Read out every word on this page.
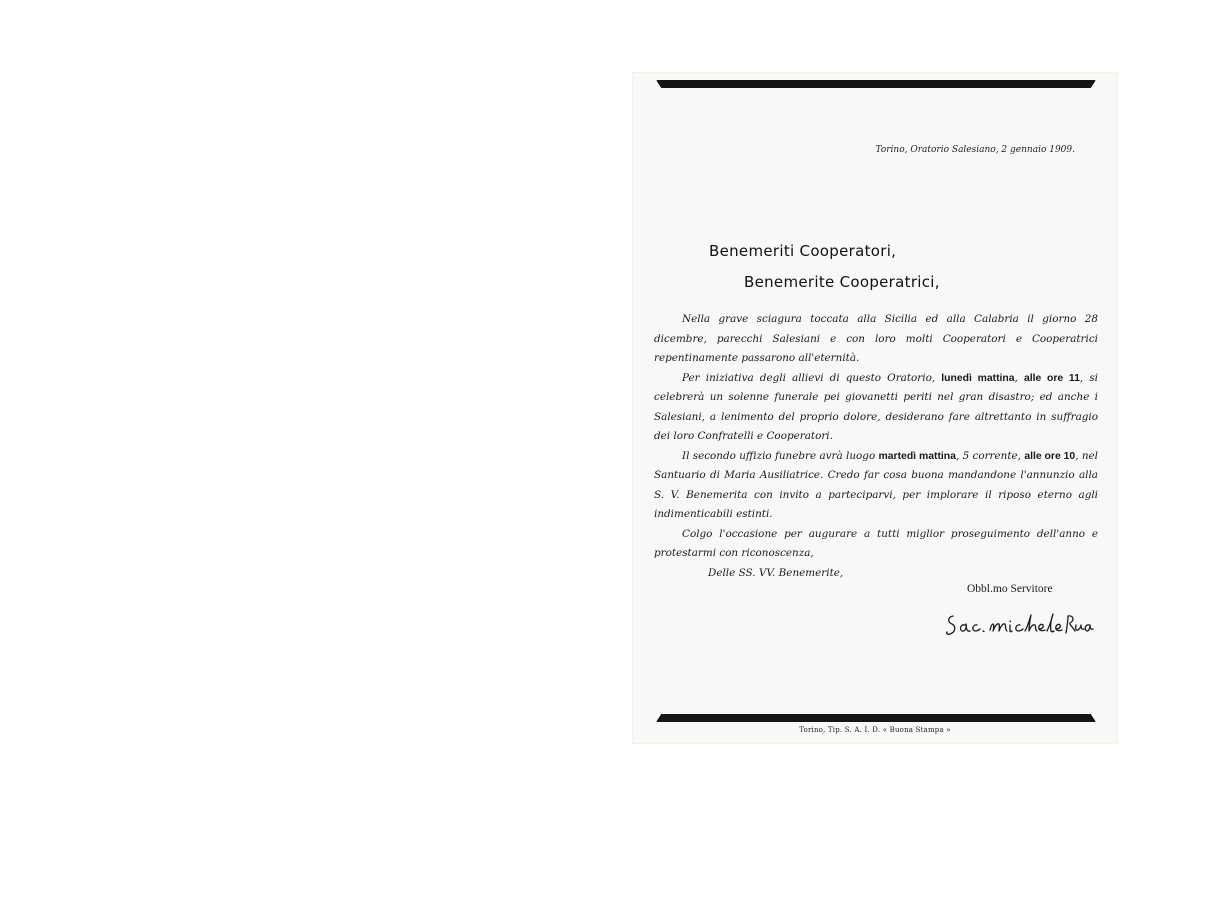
Torino, Oratorio Salesiano, 2 gennaio 1909.
Benemeriti Cooperatori,
Benemerite Cooperatrici,

Nella grave sciagura toccata alla Sicilia ed alla Calabria il giorno 28 dicembre, parecchi Salesiani e con loro molti Cooperatori e Cooperatrici repentinamente passarono all'eternità.

Per iniziativa degli allievi di questo Oratorio, lunedì mattina, alle ore 11, si celebrerà un solenne funerale pei giovanetti periti nel gran disastro; ed anche i Salesiani, a lenimento del proprio dolore, desiderano fare altrettanto in suffragio dei loro Confratelli e Cooperatori.

Il secondo uffizio funebre avrà luogo martedì mattina, 5 corrente, alle ore 10, nel Santuario di Maria Ausiliatrice. Credo far cosa buona mandandone l'annunzio alla S. V. Benemerita con invito a parteciparvi, per implorare il riposo eterno agli indimenticabili estinti.

Colgo l'occasione per augurare a tutti miglior proseguimento dell'anno e protestarmi con riconoscenza,

Delle SS. VV. Benemerite,
Obbl.mo Servitore
Torino, Tip. S. A. I. D. « Buona Stampa »
